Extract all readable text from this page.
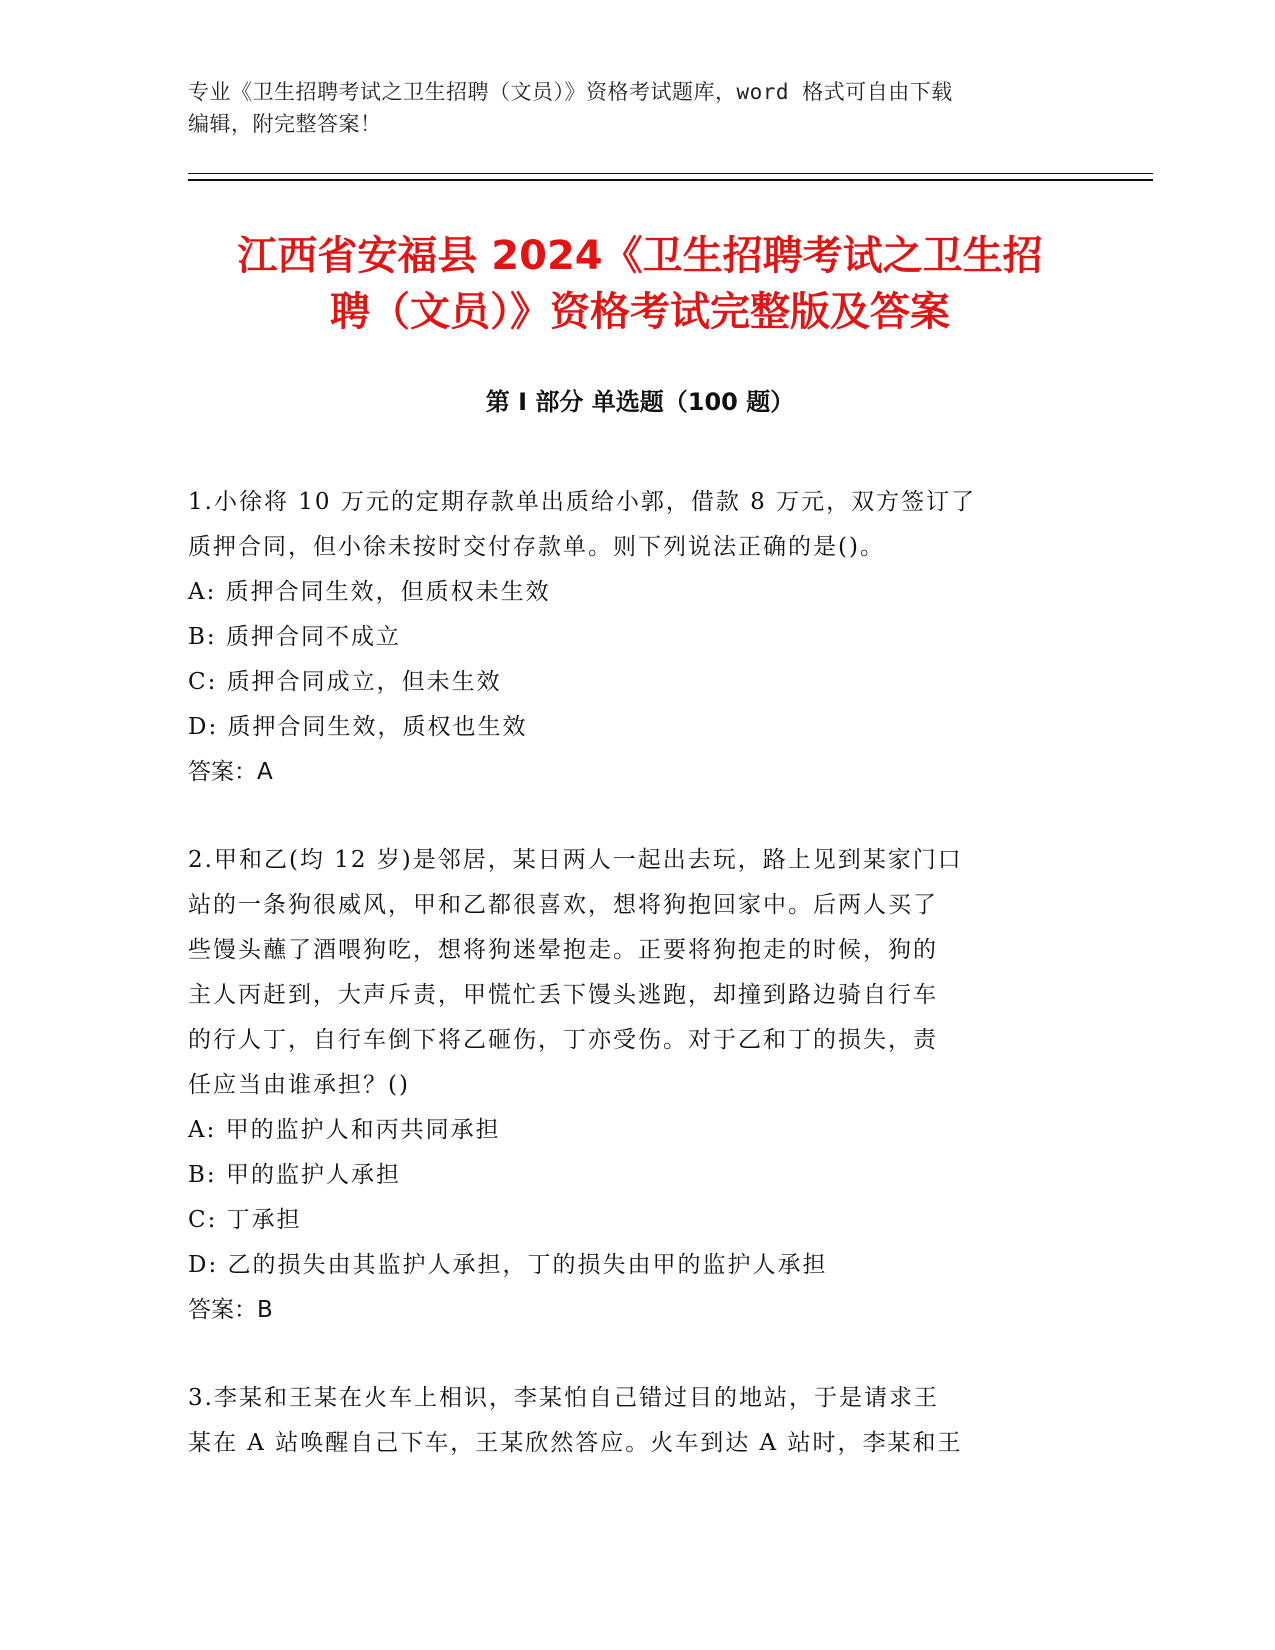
专业《卫生招聘考试之卫生招聘（文员）》资格考试题库，word 格式可自由下载
编辑，附完整答案！
江西省安福县 2024《卫生招聘考试之卫生招
聘（文员）》资格考试完整版及答案
第 I 部分 单选题（100 题）
1.小徐将 10 万元的定期存款单出质给小郭，借款 8 万元，双方签订了
质押合同，但小徐未按时交付存款单。则下列说法正确的是()。
A: 质押合同生效，但质权未生效
B: 质押合同不成立
C: 质押合同成立，但未生效
D: 质押合同生效，质权也生效
答案：A
2.甲和乙(均 12 岁)是邻居，某日两人一起出去玩，路上见到某家门口
站的一条狗很威风，甲和乙都很喜欢，想将狗抱回家中。后两人买了
些馒头蘸了酒喂狗吃，想将狗迷晕抱走。正要将狗抱走的时候，狗的
主人丙赶到，大声斥责，甲慌忙丢下馒头逃跑，却撞到路边骑自行车
的行人丁，自行车倒下将乙砸伤，丁亦受伤。对于乙和丁的损失，责
任应当由谁承担？()
A: 甲的监护人和丙共同承担
B: 甲的监护人承担
C: 丁承担
D: 乙的损失由其监护人承担，丁的损失由甲的监护人承担
答案：B
3.李某和王某在火车上相识，李某怕自己错过目的地站，于是请求王
某在 A 站唤醒自己下车，王某欣然答应。火车到达 A 站时，李某和王
